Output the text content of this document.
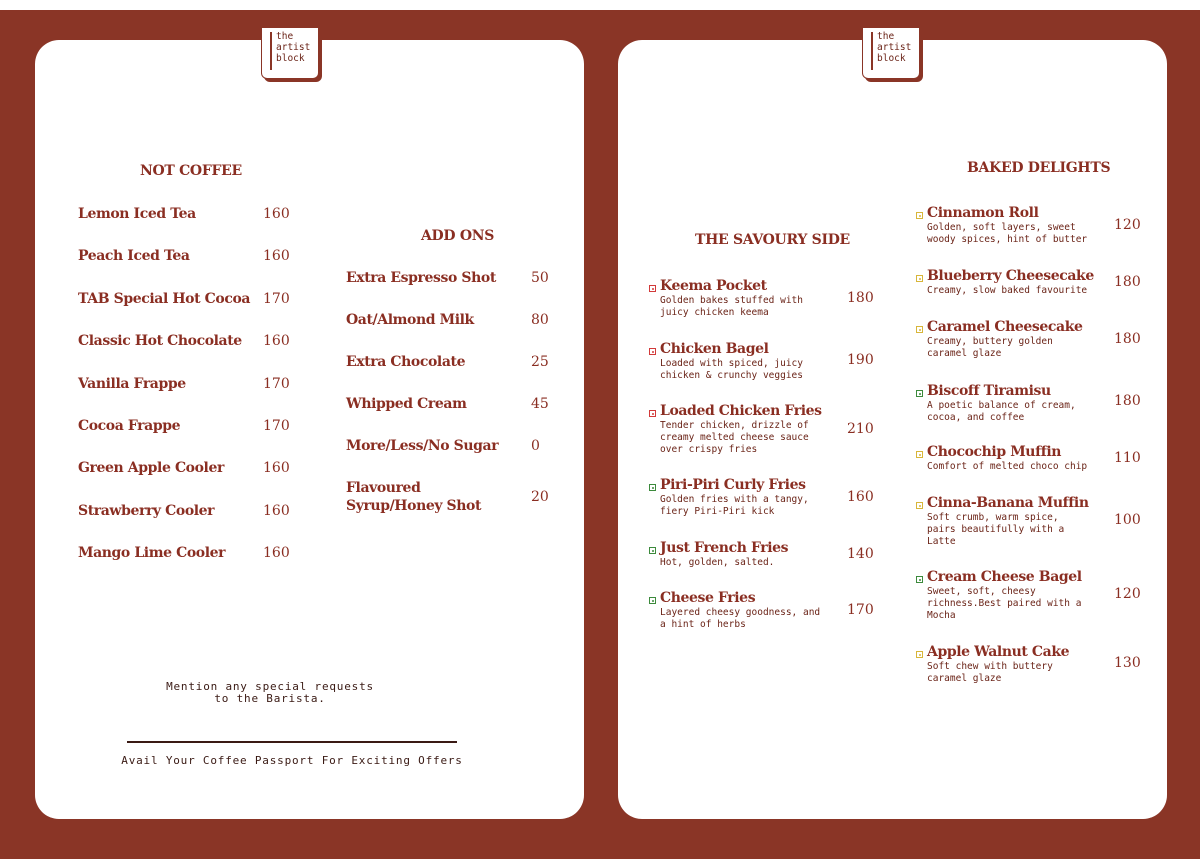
the
artist
block
NOT COFFEE
Lemon Iced Tea	160
Peach Iced Tea	160
TAB Special Hot Cocoa 170
Classic Hot Chocolate 160
Vanilla Frappe	170
Cocoa Frappe	170
Green Apple Cooler	160
Strawberry Cooler	160
Mango Lime Cooler	160
ADD ONS
Extra Espresso Shot	50
Oat/Almond Milk	80
Extra Chocolate	25
Whipped Cream	45
More/Less/No Sugar 0
Flavoured
Syrup/Honey Shot
20
Mention any special requests
to the Barista.
Avail Your Coffee Passport For Exciting Offers
the
artist
block
THE SAVOURY SIDE
Keema Pocket
Golden bakes stuffed with
juicy chicken keema
180
Chicken Bagel
Loaded with spiced, juicy
chicken & crunchy veggies
190
Loaded Chicken Fries
Tender chicken, drizzle of
creamy melted cheese sauce
over crispy fries
210
Piri-Piri Curly Fries
Golden fries with a tangy,
fiery Piri-Piri kick
160
Just French Fries
Hot, golden, salted.
140
Cheese Fries
Layered cheesy goodness, and
a hint of herbs
170
BAKED DELIGHTS
Cinnamon Roll
Golden, soft layers, sweet
woody spices, hint of butter
120
Blueberry Cheesecake
Creamy, slow baked favourite
180
Caramel Cheesecake
Creamy, buttery golden
caramel glaze
180
Biscoff Tiramisu
A poetic balance of cream,
cocoa, and coffee
180
Chocochip Muffin
Comfort of melted choco chip
110
Cinna-Banana Muffin
Soft crumb, warm spice,
pairs beautifully with a
Latte
100
Cream Cheese Bagel
Sweet, soft, cheesy
richness.Best paired with a
Mocha
120
Apple Walnut Cake
Soft chew with buttery
caramel glaze
130
